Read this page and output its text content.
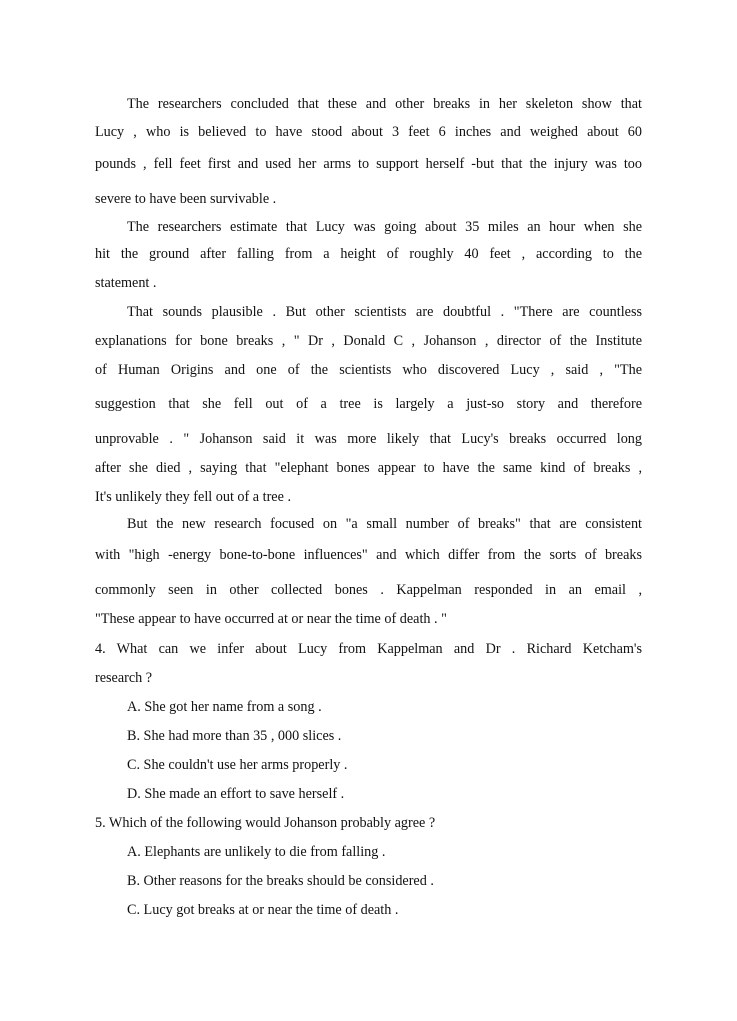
The researchers concluded that these and other breaks in her skeleton show that
Lucy , who is believed to have stood about 3 feet 6 inches and weighed about 60
pounds , fell feet first and used her arms to support herself -but that the injury was too
severe to have been survivable .
The researchers estimate that Lucy was going about 35 miles an hour when she
hit the ground after falling from a height of roughly 40 feet , according to the
statement .
That sounds plausible . But other scientists are doubtful . "There are countless
explanations for bone breaks , " Dr , Donald C , Johanson , director of the Institute
of Human Origins and one of the scientists who discovered Lucy , said , "The
suggestion that she fell out of a tree is largely a just-so story and therefore
unprovable . " Johanson said it was more likely that Lucy's breaks occurred long
after she died , saying that "elephant bones appear to have the same kind of breaks ,
It's unlikely they fell out of a tree .
But the new research focused on "a small number of breaks" that are consistent
with "high -energy bone-to-bone influences" and which differ from the sorts of breaks
commonly seen in other collected bones . Kappelman responded in an email ,
"These appear to have occurred at or near the time of death . "
4. What can we infer about Lucy from Kappelman and Dr . Richard Ketcham's
research ?
A. She got her name from a song .
B. She had more than 35 , 000 slices .
C. She couldn't use her arms properly .
D. She made an effort to save herself .
5. Which of the following would Johanson probably agree ?
A. Elephants are unlikely to die from falling .
B. Other reasons for the breaks should be considered .
C. Lucy got breaks at or near the time of death .
